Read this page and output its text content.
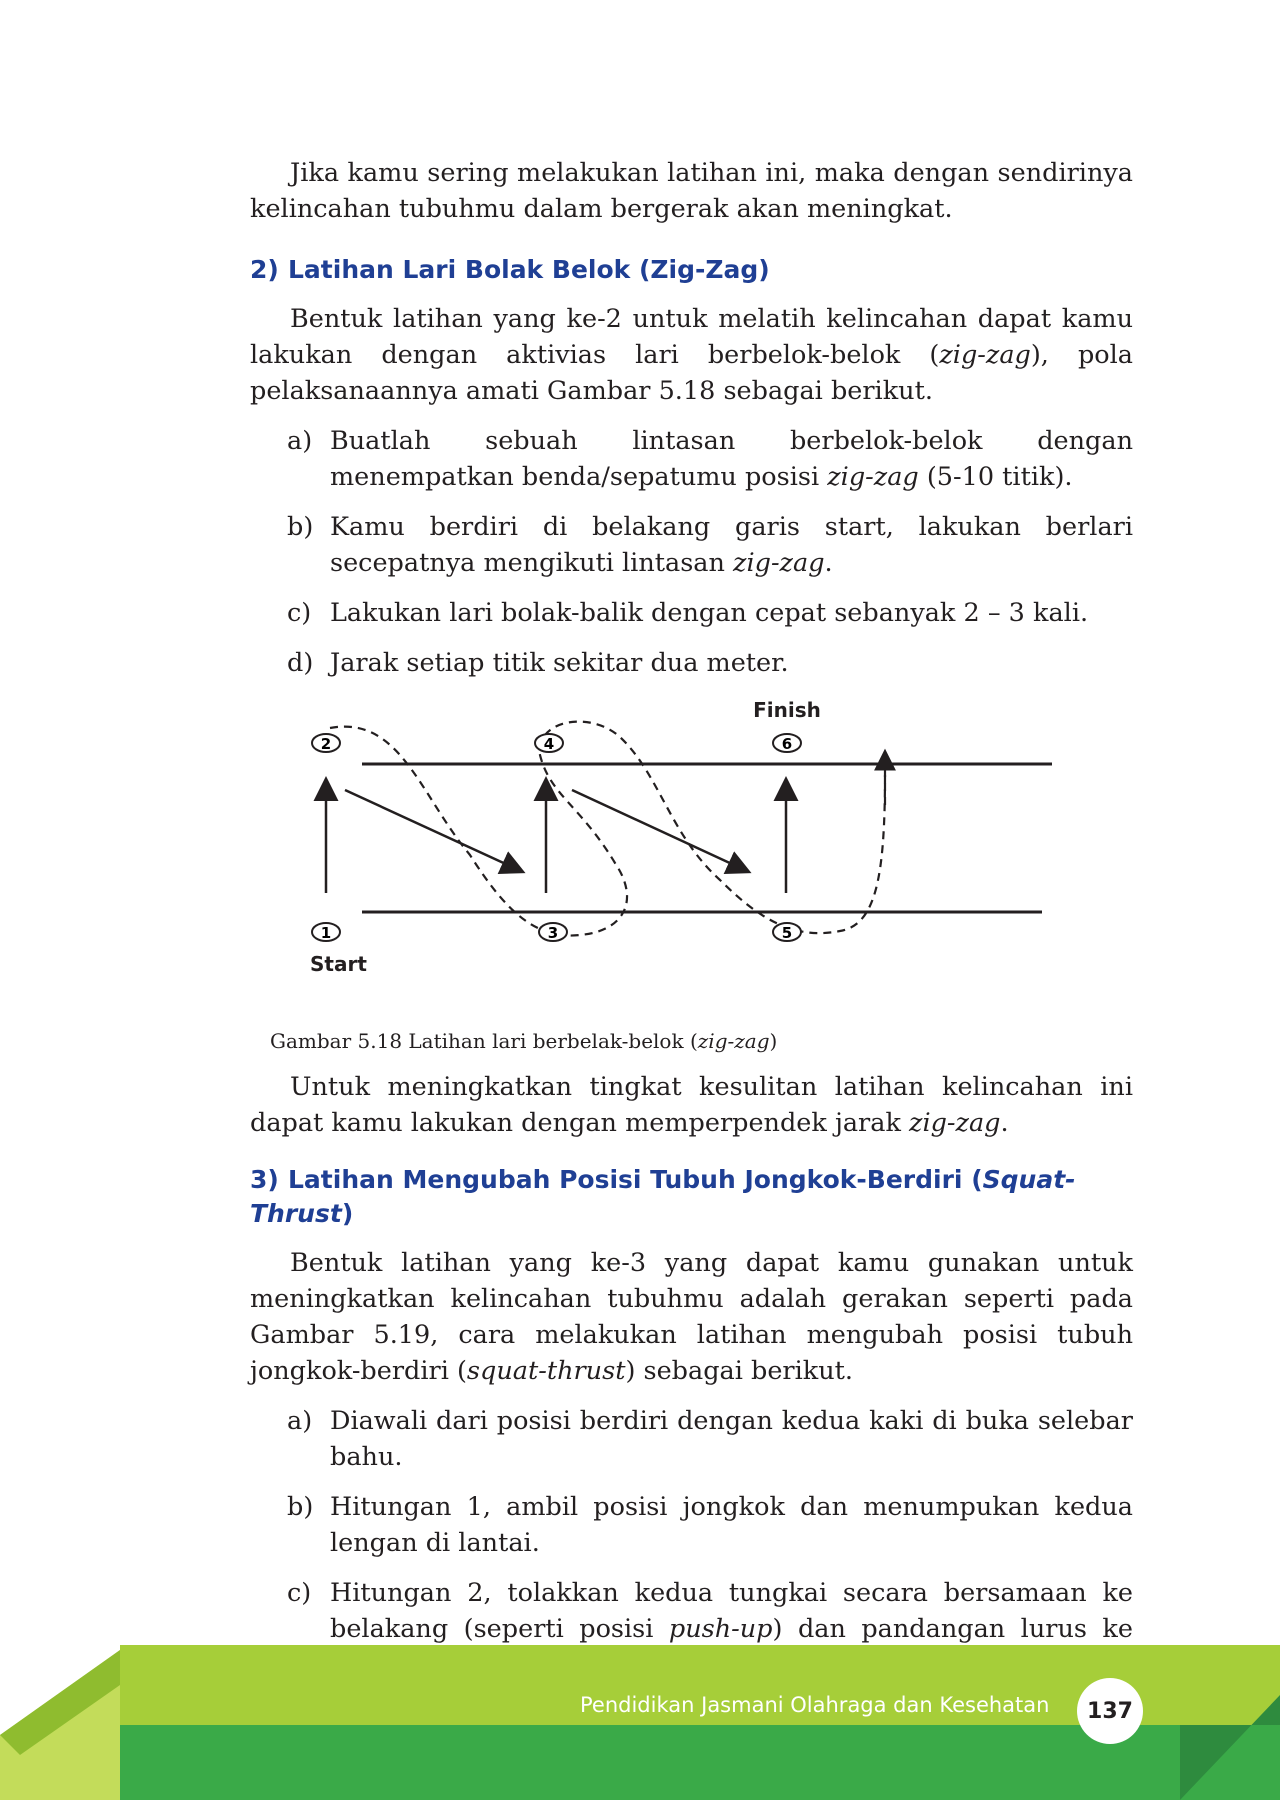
Jika kamu sering melakukan latihan ini, maka dengan sendirinya kelincahan tubuhmu dalam bergerak akan meningkat.

2) Latihan Lari Bolak Belok (Zig-Zag)

Bentuk latihan yang ke-2 untuk melatih kelincahan dapat kamu lakukan dengan aktivias lari berbelok-belok (zig-zag), pola pelaksanaannya amati Gambar 5.18 sebagai berikut.

a) Buatlah sebuah lintasan berbelok-belok dengan menempatkan benda/sepatumu posisi zig-zag (5-10 titik).
b) Kamu berdiri di belakang garis start, lakukan berlari secepatnya mengikuti lintasan zig-zag.
c) Lakukan lari bolak-balik dengan cepat sebanyak 2 – 3 kali.
d) Jarak setiap titik sekitar dua meter.
2	4	6
1	3	5
Finish
Start
Gambar 5.18 Latihan lari berbelak-belok (zig-zag)

Untuk meningkatkan tingkat kesulitan latihan kelincahan ini dapat kamu lakukan dengan memperpendek jarak zig-zag.

3) Latihan Mengubah Posisi Tubuh Jongkok-Berdiri (Squat-Thrust)

Bentuk latihan yang ke-3 yang dapat kamu gunakan untuk meningkatkan kelincahan tubuhmu adalah gerakan seperti pada Gambar 5.19, cara melakukan latihan mengubah posisi tubuh jongkok-berdiri (squat-thrust) sebagai berikut.

a) Diawali dari posisi berdiri dengan kedua kaki di buka selebar bahu.
b) Hitungan 1, ambil posisi jongkok dan menumpukan kedua lengan di lantai.
c) Hitungan 2, tolakkan kedua tungkai secara bersamaan ke belakang (seperti posisi push-up) dan pandangan lurus ke
Pendidikan Jasmani Olahraga dan Kesehatan	137
